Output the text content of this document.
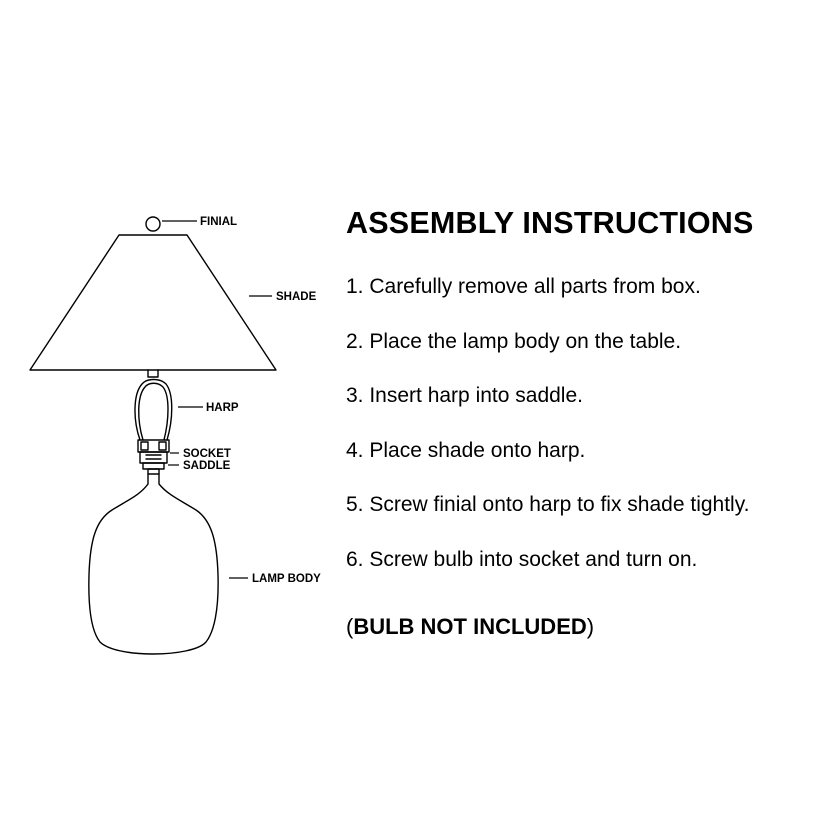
FINIAL
SHADE
HARP
SOCKET
SADDLE
LAMP BODY
ASSEMBLY INSTRUCTIONS
1. Carefully remove all parts from box.
2. Place the lamp body on the table.
3. Insert harp into saddle.
4. Place shade onto harp.
5. Screw finial onto harp to fix shade tightly.
6. Screw bulb into socket and turn on.
(BULB NOT INCLUDED)
